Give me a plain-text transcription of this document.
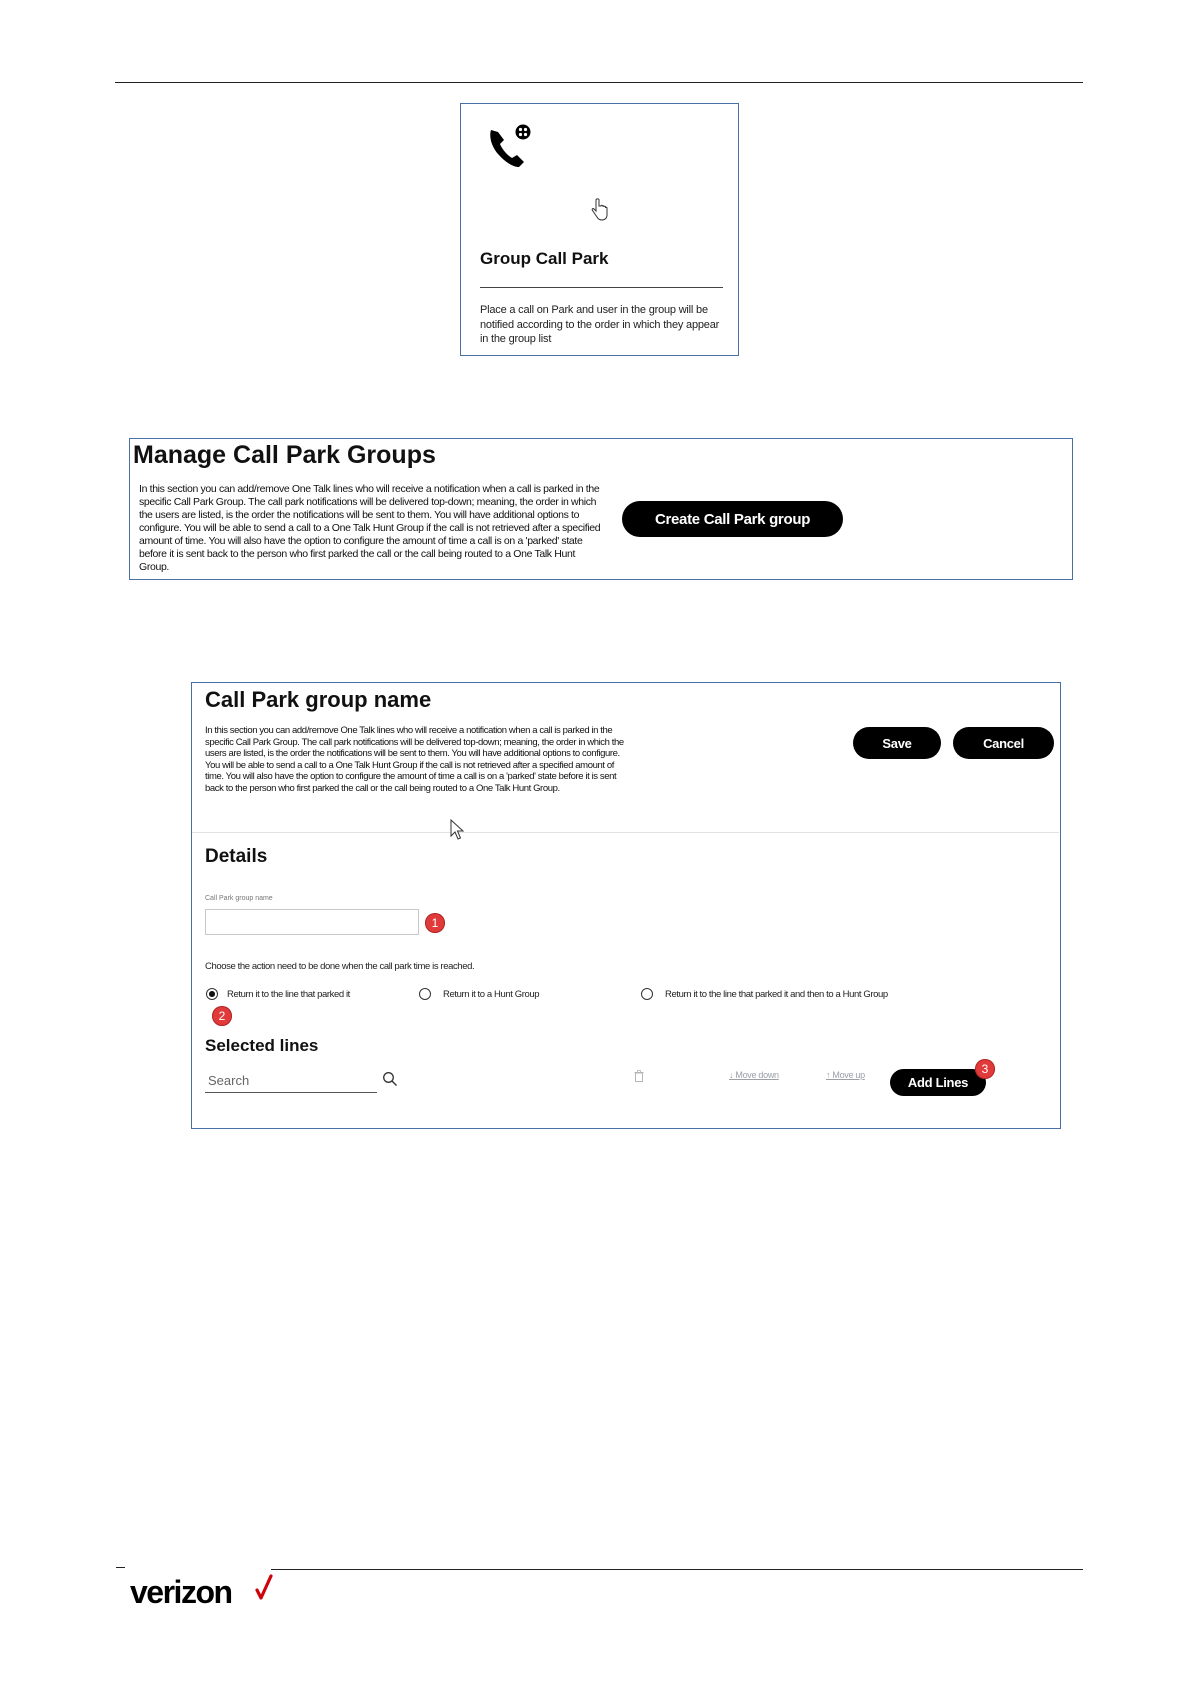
Group Call Park
Place a call on Park and user in the group will be notified according to the order in which they appear in the group list
Manage Call Park Groups
In this section you can add/remove One Talk lines who will receive a notification when a call is parked in the specific Call Park Group. The call park notifications will be delivered top-down; meaning, the order in which the users are listed, is the order the notifications will be sent to them. You will have additional options to configure. You will be able to send a call to a One Talk Hunt Group if the call is not retrieved after a specified amount of time. You will also have the option to configure the amount of time a call is on a 'parked' state before it is sent back to the person who first parked the call or the call being routed to a One Talk Hunt Group.
Create Call Park group
Call Park group name
In this section you can add/remove One Talk lines who will receive a notification when a call is parked in the specific Call Park Group. The call park notifications will be delivered top-down; meaning, the order in which the users are listed, is the order the notifications will be sent to them. You will have additional options to configure. You will be able to send a call to a One Talk Hunt Group if the call is not retrieved after a specified amount of time. You will also have the option to configure the amount of time a call is on a 'parked' state before it is sent back to the person who first parked the call or the call being routed to a One Talk Hunt Group.
Save	Cancel
Details
Call Park group name
1
Choose the action need to be done when the call park time is reached.
Return it to the line that parked it	Return it to a Hunt Group	Return it to the line that parked it and then to a Hunt Group
2
Selected lines
Search
↓ Move down	↑ Move up	Add Lines
3
verizon
